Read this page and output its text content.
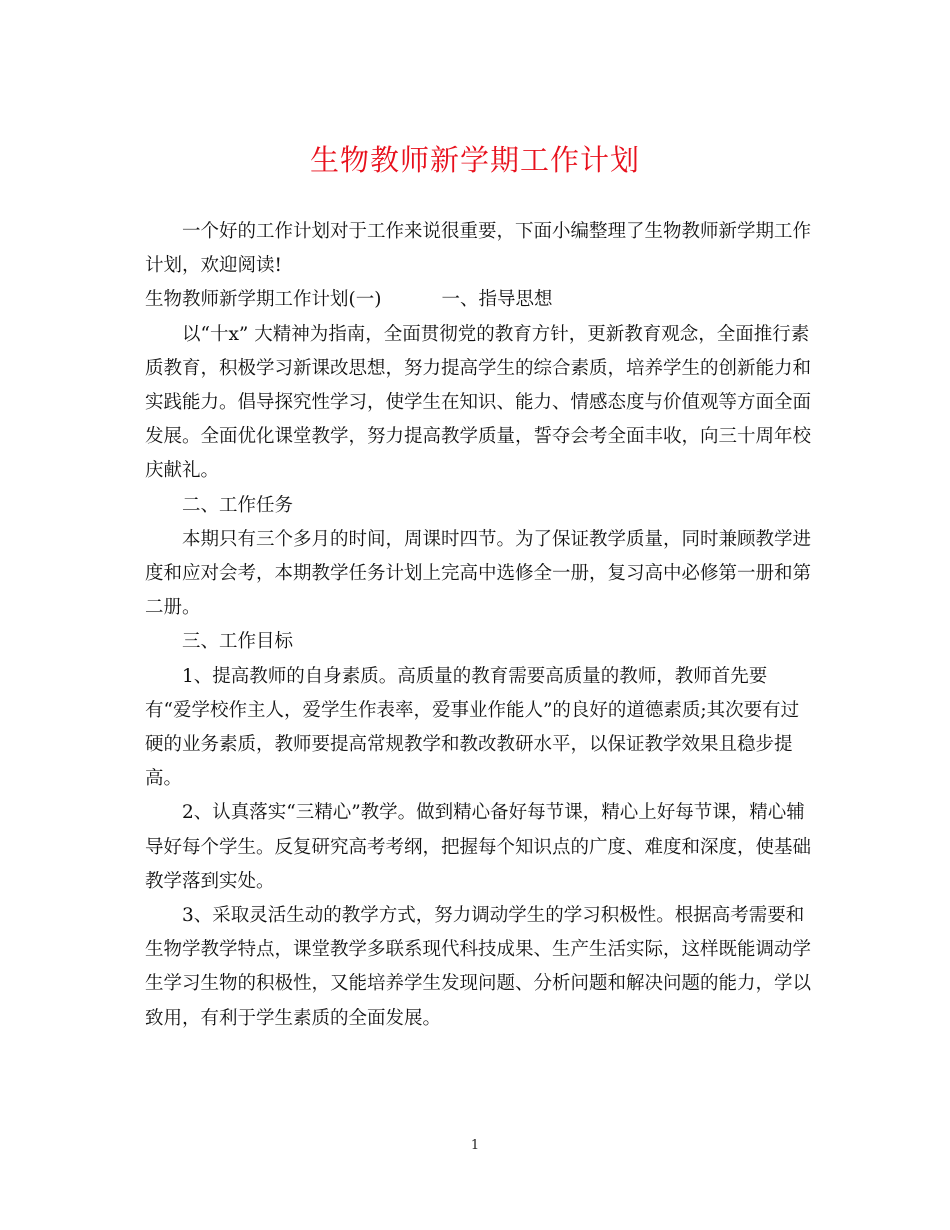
生物教师新学期工作计划

一个好的工作计划对于工作来说很重要，下面小编整理了生物教师新学期工作计划，欢迎阅读!

生物教师新学期工作计划(一)	一、指导思想

以“十x” 大精神为指南，全面贯彻党的教育方针，更新教育观念，全面推行素质教育，积极学习新课改思想，努力提高学生的综合素质，培养学生的创新能力和实践能力。倡导探究性学习，使学生在知识、能力、情感态度与价值观等方面全面发展。全面优化课堂教学，努力提高教学质量，誓夺会考全面丰收，向三十周年校庆献礼。

二、工作任务

本期只有三个多月的时间，周课时四节。为了保证教学质量，同时兼顾教学进度和应对会考，本期教学任务计划上完高中选修全一册，复习高中必修第一册和第二册。

三、工作目标

1、提高教师的自身素质。高质量的教育需要高质量的教师，教师首先要

有“爱学校作主人，爱学生作表率，爱事业作能人”的良好的道德素质;其次要有过硬的业务素质，教师要提高常规教学和教改教研水平，以保证教学效果且稳步提高。

2、认真落实“三精心”教学。做到精心备好每节课，精心上好每节课，精心辅导好每个学生。反复研究高考考纲，把握每个知识点的广度、难度和深度，使基础教学落到实处。

3、采取灵活生动的教学方式，努力调动学生的学习积极性。根据高考需要和生物学教学特点，课堂教学多联系现代科技成果、生产生活实际，这样既能调动学生学习生物的积极性，又能培养学生发现问题、分析问题和解决问题的能力，学以致用，有利于学生素质的全面发展。

1
